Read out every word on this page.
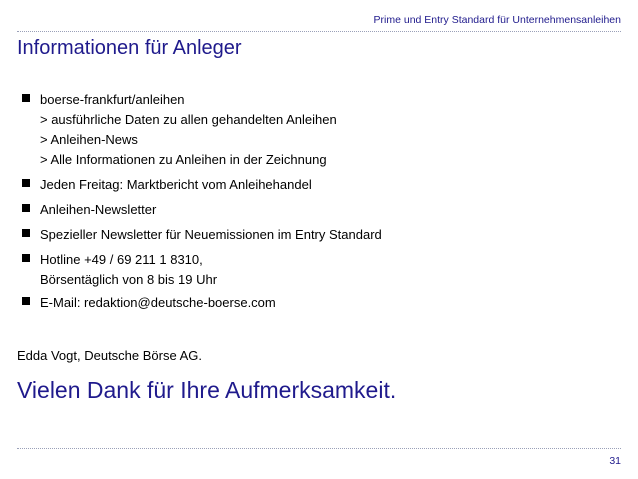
Prime und Entry Standard für Unternehmensanleihen
Informationen für Anleger
boerse-frankfurt/anleihen
> ausführliche Daten zu allen gehandelten Anleihen
> Anleihen-News
> Alle Informationen zu Anleihen in der Zeichnung
Jeden Freitag: Marktbericht vom Anleihehandel
Anleihen-Newsletter
Spezieller Newsletter für Neuemissionen im Entry Standard
Hotline +49 / 69 211 1 8310,
Börsentäglich von 8 bis 19 Uhr
E-Mail: redaktion@deutsche-boerse.com
Edda Vogt, Deutsche Börse AG.
Vielen Dank für Ihre Aufmerksamkeit.
31
